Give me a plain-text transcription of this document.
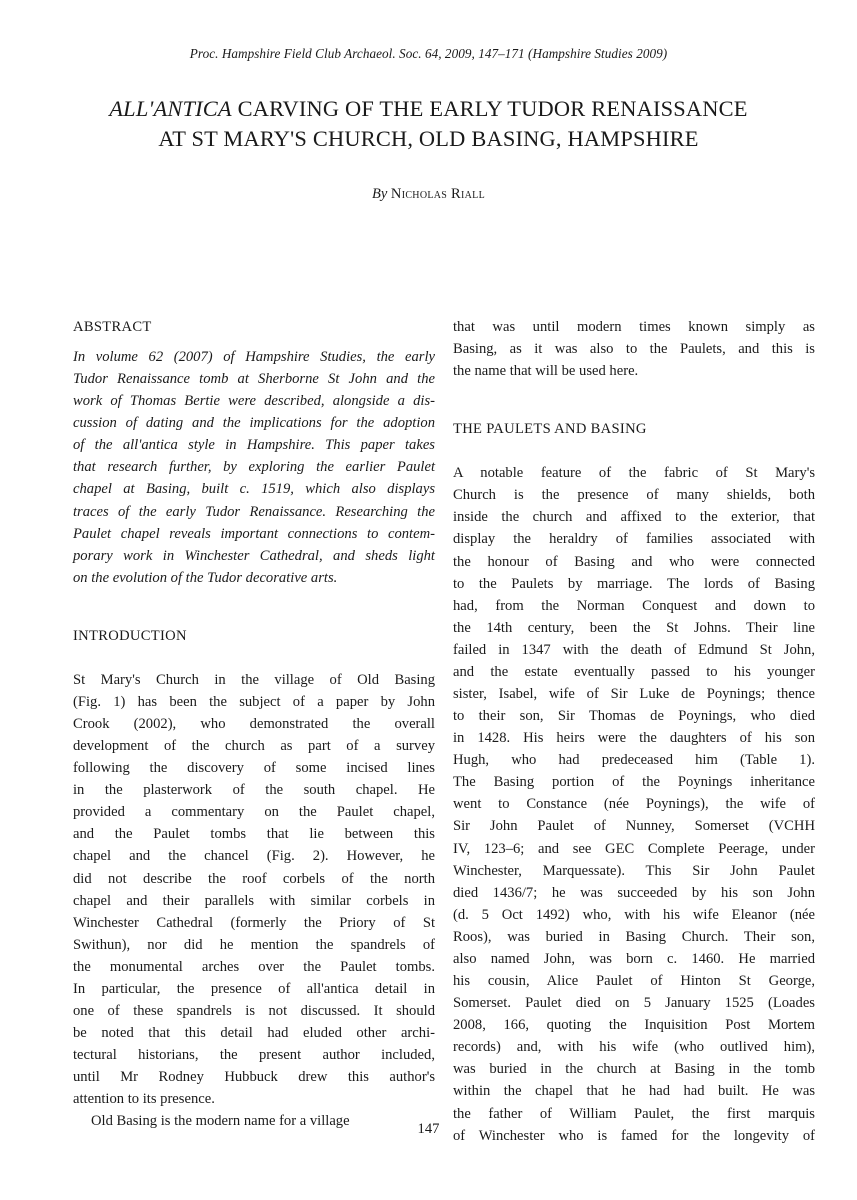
Proc. Hampshire Field Club Archaeol. Soc. 64, 2009, 147–171 (Hampshire Studies 2009)
ALL'ANTICA CARVING OF THE EARLY TUDOR RENAISSANCE
AT ST MARY'S CHURCH, OLD BASING, HAMPSHIRE
By Nicholas Riall
ABSTRACT
In volume 62 (2007) of Hampshire Studies, the early
Tudor Renaissance tomb at Sherborne St John and the
work of Thomas Bertie were described, alongside a dis-
cussion of dating and the implications for the adoption
of the all'antica style in Hampshire. This paper takes
that research further, by exploring the earlier Paulet
chapel at Basing, built c. 1519, which also displays
traces of the early Tudor Renaissance. Researching the
Paulet chapel reveals important connections to contem-
porary work in Winchester Cathedral, and sheds light
on the evolution of the Tudor decorative arts.
INTRODUCTION
St Mary's Church in the village of Old Basing
(Fig. 1) has been the subject of a paper by John
Crook (2002), who demonstrated the overall
development of the church as part of a survey
following the discovery of some incised lines
in the plasterwork of the south chapel. He
provided a commentary on the Paulet chapel,
and the Paulet tombs that lie between this
chapel and the chancel (Fig. 2). However, he
did not describe the roof corbels of the north
chapel and their parallels with similar corbels in
Winchester Cathedral (formerly the Priory of St
Swithun), nor did he mention the spandrels of
the monumental arches over the Paulet tombs.
In particular, the presence of all'antica detail in
one of these spandrels is not discussed. It should
be noted that this detail had eluded other archi-
tectural historians, the present author included,
until Mr Rodney Hubbuck drew this author's
attention to its presence.
Old Basing is the modern name for a village
that was until modern times known simply as
Basing, as it was also to the Paulets, and this is
the name that will be used here.
THE PAULETS AND BASING
A notable feature of the fabric of St Mary's
Church is the presence of many shields, both
inside the church and affixed to the exterior, that
display the heraldry of families associated with
the honour of Basing and who were connected
to the Paulets by marriage. The lords of Basing
had, from the Norman Conquest and down to
the 14th century, been the St Johns. Their line
failed in 1347 with the death of Edmund St John,
and the estate eventually passed to his younger
sister, Isabel, wife of Sir Luke de Poynings; thence
to their son, Sir Thomas de Poynings, who died
in 1428. His heirs were the daughters of his son
Hugh, who had predeceased him (Table 1).
The Basing portion of the Poynings inheritance
went to Constance (née Poynings), the wife of
Sir John Paulet of Nunney, Somerset (VCHH
IV, 123–6; and see GEC Complete Peerage, under
Winchester, Marquessate). This Sir John Paulet
died 1436/7; he was succeeded by his son John
(d. 5 Oct 1492) who, with his wife Eleanor (née
Roos), was buried in Basing Church. Their son,
also named John, was born c. 1460. He married
his cousin, Alice Paulet of Hinton St George,
Somerset. Paulet died on 5 January 1525 (Loades
2008, 166, quoting the Inquisition Post Mortem
records) and, with his wife (who outlived him),
was buried in the church at Basing in the tomb
within the chapel that he had had built. He was
the father of William Paulet, the first marquis
of Winchester who is famed for the longevity of
147
